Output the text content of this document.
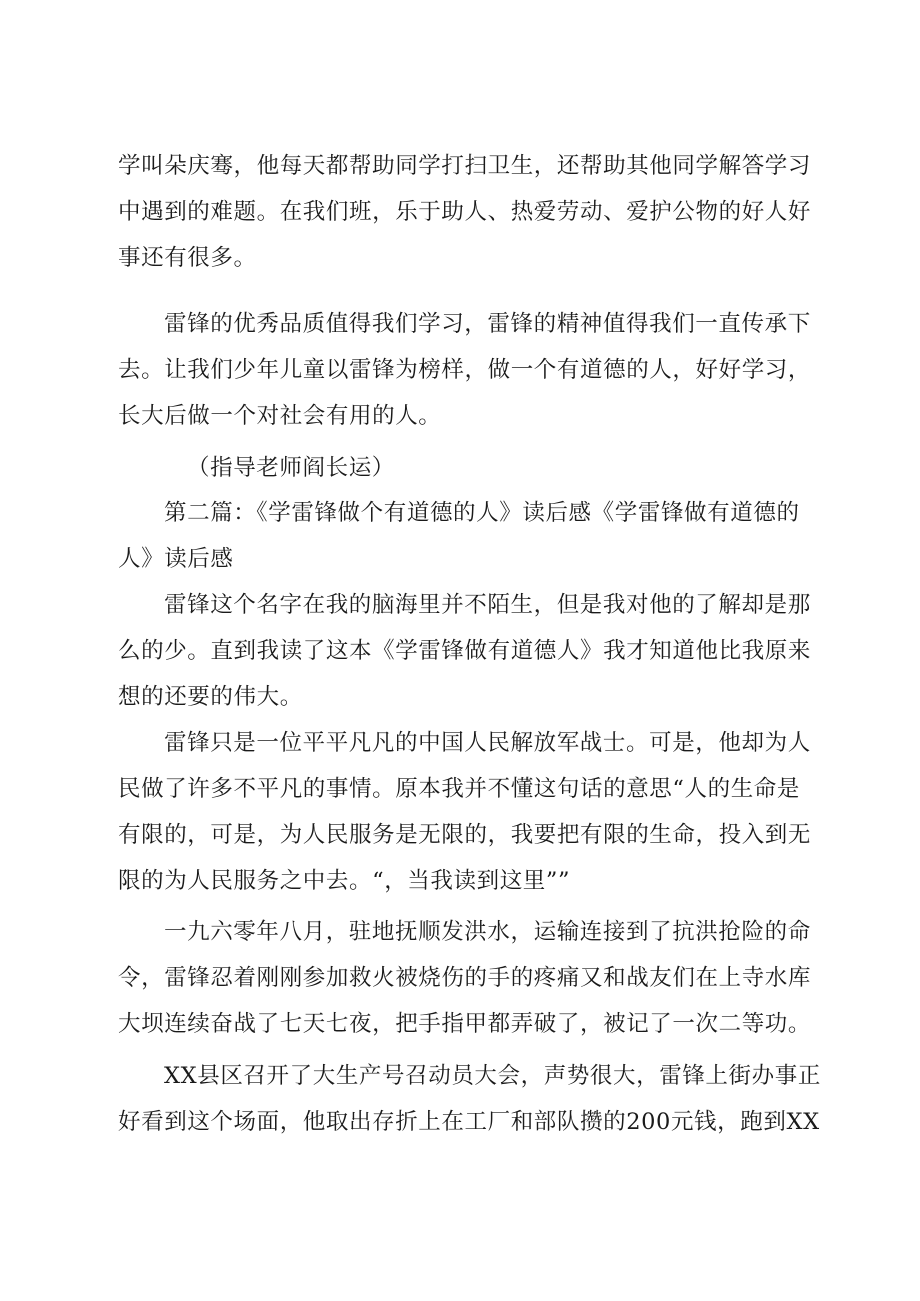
学叫朵庆骞，他每天都帮助同学打扫卫生，还帮助其他同学解答学习
中遇到的难题。在我们班，乐于助人、热爱劳动、爱护公物的好人好
事还有很多。
雷锋的优秀品质值得我们学习，雷锋的精神值得我们一直传承下
去。让我们少年儿童以雷锋为榜样，做一个有道德的人，好好学习，
长大后做一个对社会有用的人。
（指导老师阎长运）
第二篇：《学雷锋做个有道德的人》读后感《学雷锋做有道德的
人》读后感
雷锋这个名字在我的脑海里并不陌生，但是我对他的了解却是那
么的少。直到我读了这本《学雷锋做有道德人》我才知道他比我原来
想的还要的伟大。
雷锋只是一位平平凡凡的中国人民解放军战士。可是，他却为人
民做了许多不平凡的事情。原本我并不懂这句话的意思“人的生命是
有限的，可是，为人民服务是无限的，我要把有限的生命，投入到无
限的为人民服务之中去。“，当我读到这里””
一九六零年八月，驻地抚顺发洪水，运输连接到了抗洪抢险的命
令，雷锋忍着刚刚参加救火被烧伤的手的疼痛又和战友们在上寺水库
大坝连续奋战了七天七夜，把手指甲都弄破了，被记了一次二等功。
XX县区召开了大生产号召动员大会，声势很大，雷锋上街办事正
好看到这个场面，他取出存折上在工厂和部队攒的200元钱，跑到XX
